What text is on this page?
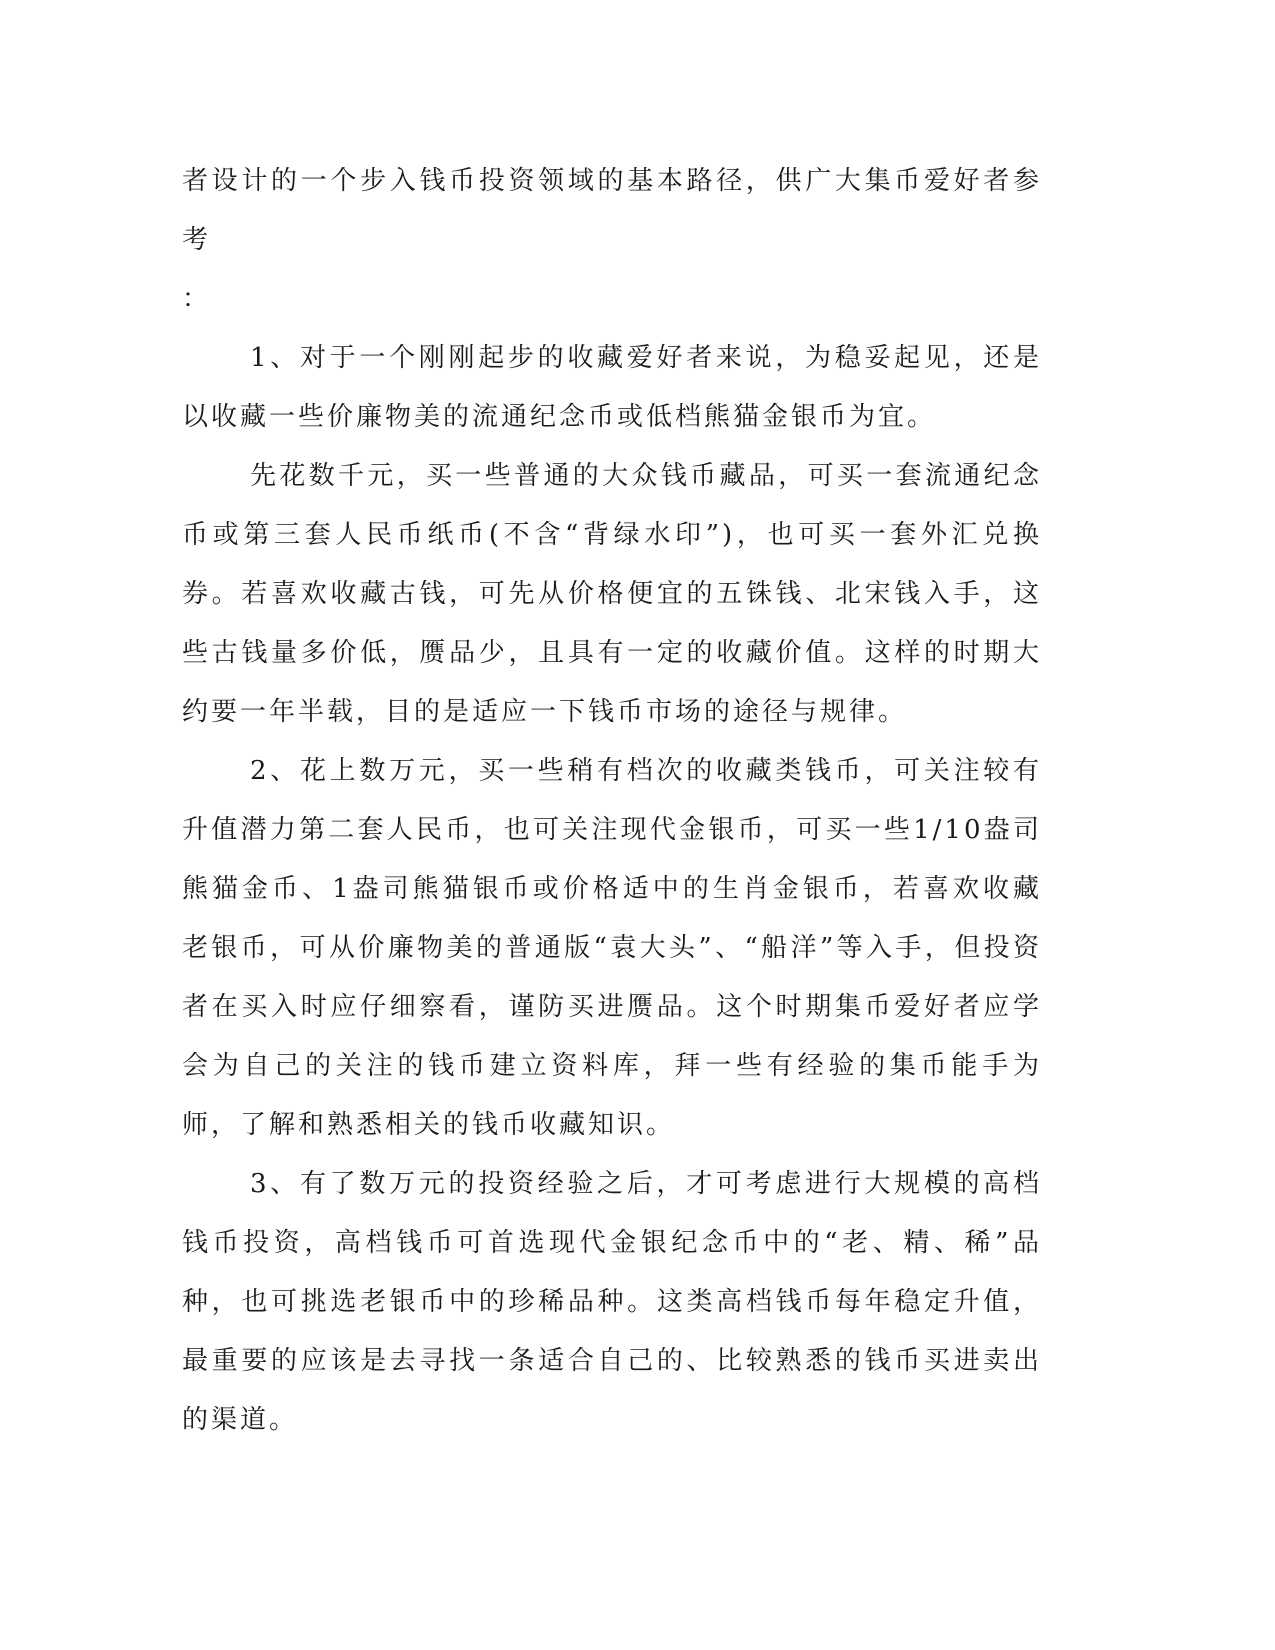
者设计的一个步入钱币投资领域的基本路径，供广大集币爱好者参考

：

1、对于一个刚刚起步的收藏爱好者来说，为稳妥起见，还是以收藏一些价廉物美的流通纪念币或低档熊猫金银币为宜。

先花数千元，买一些普通的大众钱币藏品，可买一套流通纪念币或第三套人民币纸币(不含“背绿水印”)，也可买一套外汇兑换券。若喜欢收藏古钱，可先从价格便宜的五铢钱、北宋钱入手，这些古钱量多价低，赝品少，且具有一定的收藏价值。这样的时期大约要一年半载，目的是适应一下钱币市场的途径与规律。

2、花上数万元，买一些稍有档次的收藏类钱币，可关注较有升值潜力第二套人民币，也可关注现代金银币，可买一些1/10盎司熊猫金币、1盎司熊猫银币或价格适中的生肖金银币，若喜欢收藏老银币，可从价廉物美的普通版“袁大头”、“船洋”等入手，但投资者在买入时应仔细察看，谨防买进赝品。这个时期集币爱好者应学会为自己的关注的钱币建立资料库，拜一些有经验的集币能手为师，了解和熟悉相关的钱币收藏知识。

3、有了数万元的投资经验之后，才可考虑进行大规模的高档钱币投资，高档钱币可首选现代金银纪念币中的“老、精、稀”品种，也可挑选老银币中的珍稀品种。这类高档钱币每年稳定升值，最重要的应该是去寻找一条适合自己的、比较熟悉的钱币买进卖出的渠道。
